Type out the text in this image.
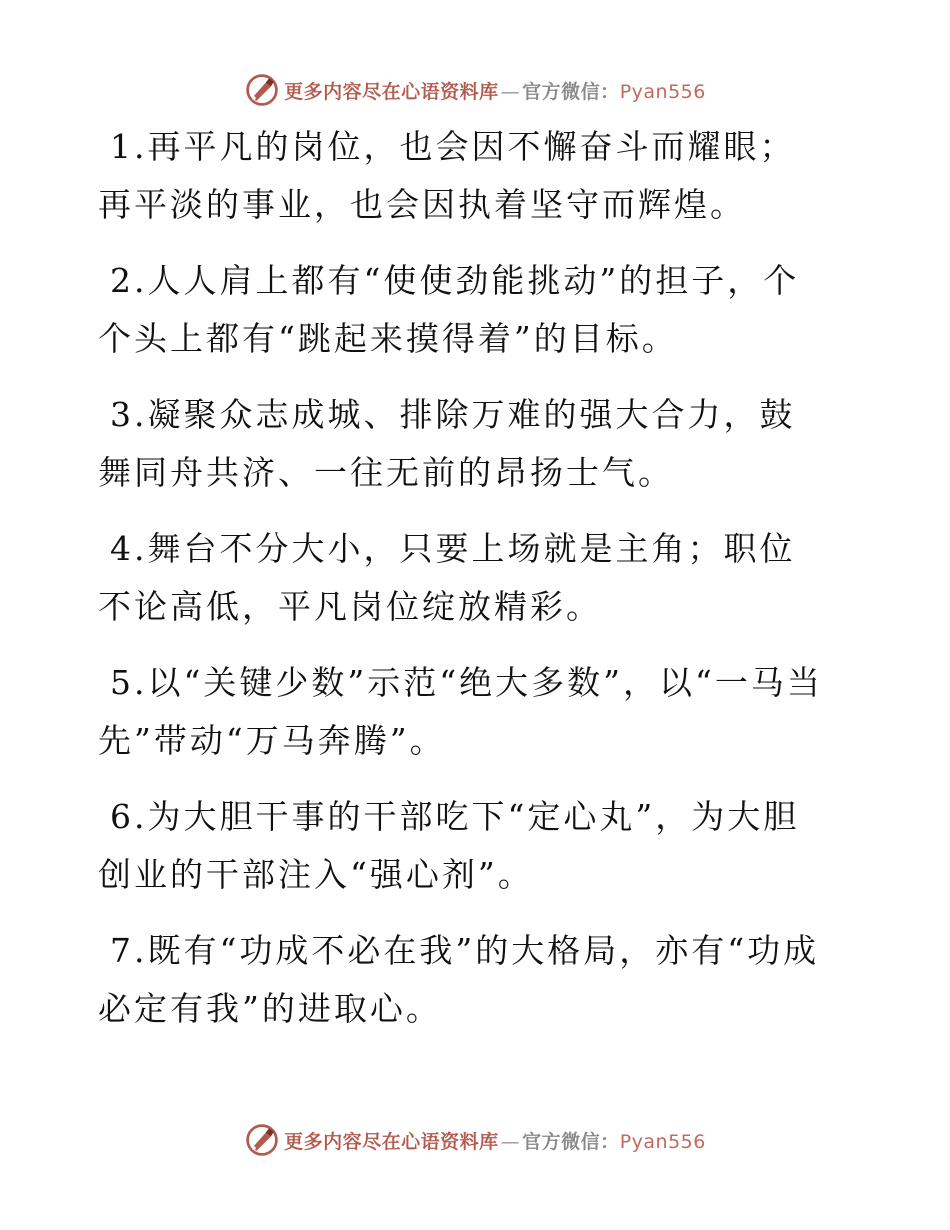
更多内容尽在心语资料库 — 官方微信：Pyan556

1.再平凡的岗位，也会因不懈奋斗而耀眼；再平淡的事业，也会因执着坚守而辉煌。

2.人人肩上都有“使使劲能挑动”的担子，个个头上都有“跳起来摸得着”的目标。

3.凝聚众志成城、排除万难的强大合力，鼓舞同舟共济、一往无前的昂扬士气。

4.舞台不分大小，只要上场就是主角；职位不论高低，平凡岗位绽放精彩。

5.以“关键少数”示范“绝大多数”，以“一马当先”带动“万马奔腾”。

6.为大胆干事的干部吃下“定心丸”，为大胆创业的干部注入“强心剂”。

7.既有“功成不必在我”的大格局，亦有“功成必定有我”的进取心。

更多内容尽在心语资料库 — 官方微信：Pyan556
